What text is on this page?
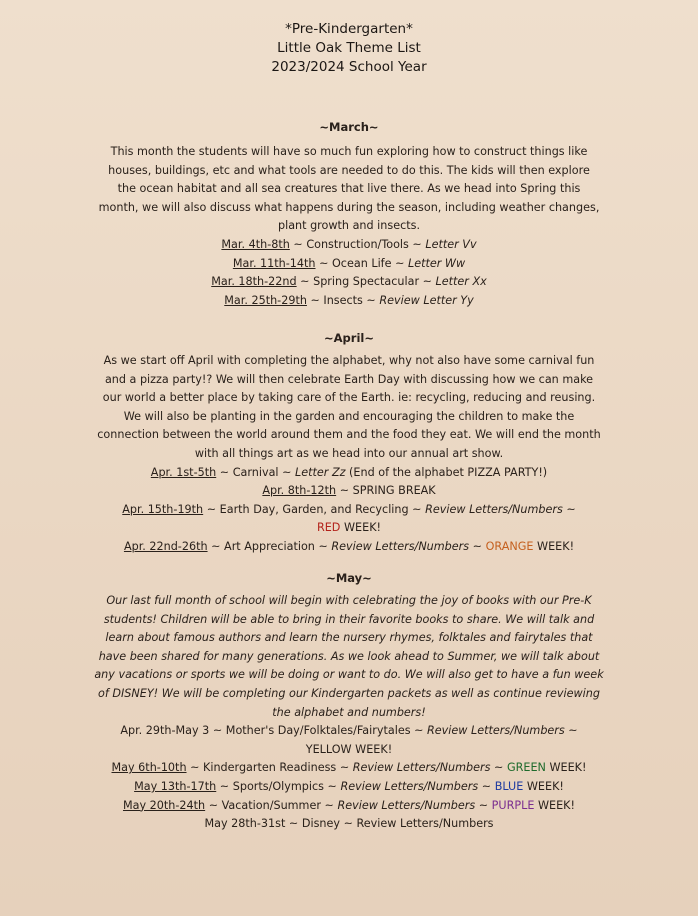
*Pre-Kindergarten*
Little Oak Theme List
2023/2024 School Year

~March~

This month the students will have so much fun exploring how to construct things like

houses, buildings, etc and what tools are needed to do this. The kids will then explore

the ocean habitat and all sea creatures that live there. As we head into Spring this

month, we will also discuss what happens during the season, including weather changes,

plant growth and insects.

Mar. 4th-8th ~ Construction/Tools ~ Letter Vv

Mar. 11th-14th ~ Ocean Life ~ Letter Ww

Mar. 18th-22nd ~ Spring Spectacular ~ Letter Xx

Mar. 25th-29th ~ Insects ~ Review Letter Yy

~April~

As we start off April with completing the alphabet, why not also have some carnival fun

and a pizza party!? We will then celebrate Earth Day with discussing how we can make

our world a better place by taking care of the Earth. ie: recycling, reducing and reusing.

We will also be planting in the garden and encouraging the children to make the

connection between the world around them and the food they eat. We will end the month

with all things art as we head into our annual art show.

Apr. 1st-5th ~ Carnival ~ Letter Zz (End of the alphabet PIZZA PARTY!)

Apr. 8th-12th ~ SPRING BREAK

Apr. 15th-19th ~ Earth Day, Garden, and Recycling ~ Review Letters/Numbers ~

RED WEEK!

Apr. 22nd-26th ~ Art Appreciation ~ Review Letters/Numbers ~ ORANGE WEEK!

~May~

Our last full month of school will begin with celebrating the joy of books with our Pre-K

students! Children will be able to bring in their favorite books to share. We will talk and

learn about famous authors and learn the nursery rhymes, folktales and fairytales that

have been shared for many generations. As we look ahead to Summer, we will talk about

any vacations or sports we will be doing or want to do. We will also get to have a fun week

of DISNEY! We will be completing our Kindergarten packets as well as continue reviewing

the alphabet and numbers!

Apr. 29th-May 3 ~ Mother's Day/Folktales/Fairytales ~ Review Letters/Numbers ~

YELLOW WEEK!

May 6th-10th ~ Kindergarten Readiness ~ Review Letters/Numbers ~ GREEN WEEK!

May 13th-17th ~ Sports/Olympics ~ Review Letters/Numbers ~ BLUE WEEK!

May 20th-24th ~ Vacation/Summer ~ Review Letters/Numbers ~ PURPLE WEEK!

May 28th-31st ~ Disney ~ Review Letters/Numbers
